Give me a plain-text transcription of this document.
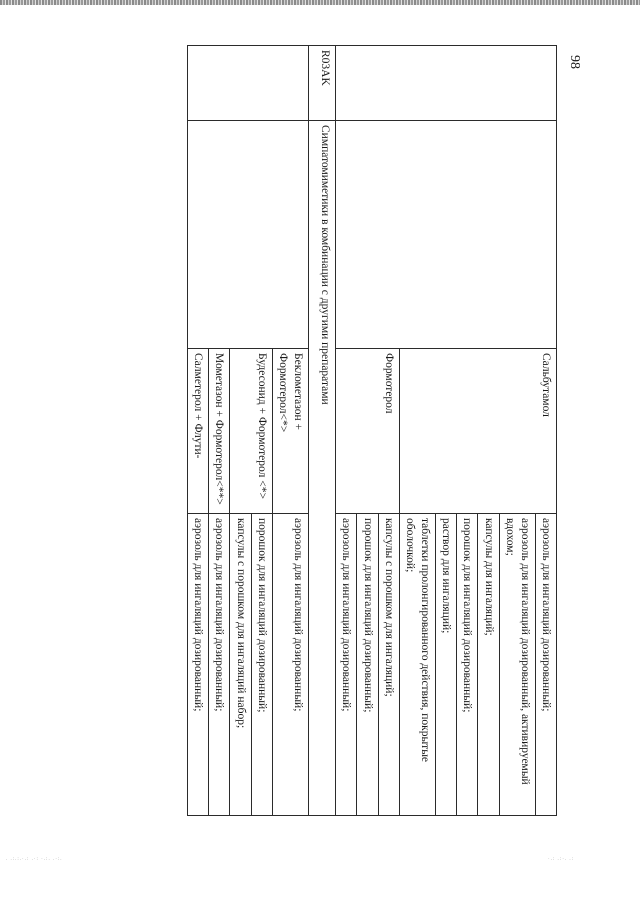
		Сальбутамол	аэрозоль для ингаляций дозированный;
			аэрозоль для ингаляций дозированный, активируемый вдохом;
			капсулы для ингаляций;
			порошок для ингаляций дозированный;
			раствор для ингаляций;
			таблетки пролонгированного действия, покрытые оболочкой;
		Формотерол	капсулы с порошком для ингаляций;
			порошок для ингаляций дозированный;
			аэрозоль для ингаляций дозированный;
R03AK	Симпатомиметики в комбинации с другими препаратами		
		Беклометазон + Формотерол<*>	аэрозоль для ингаляций дозированный;
		Будесонид + Формотерол <*>	порошок для ингаляций дозированный;
			капсулы с порошком для ингаляций набор;
		Мометазон + Формотерол<**>	аэрозоль для ингаляций дозированный;
		Салметерол + Флути-	аэрозоль для ингаляций дозированный;
98
. .:.:.·.: .·: ·.:. .·:.	·.: .:·. .:
